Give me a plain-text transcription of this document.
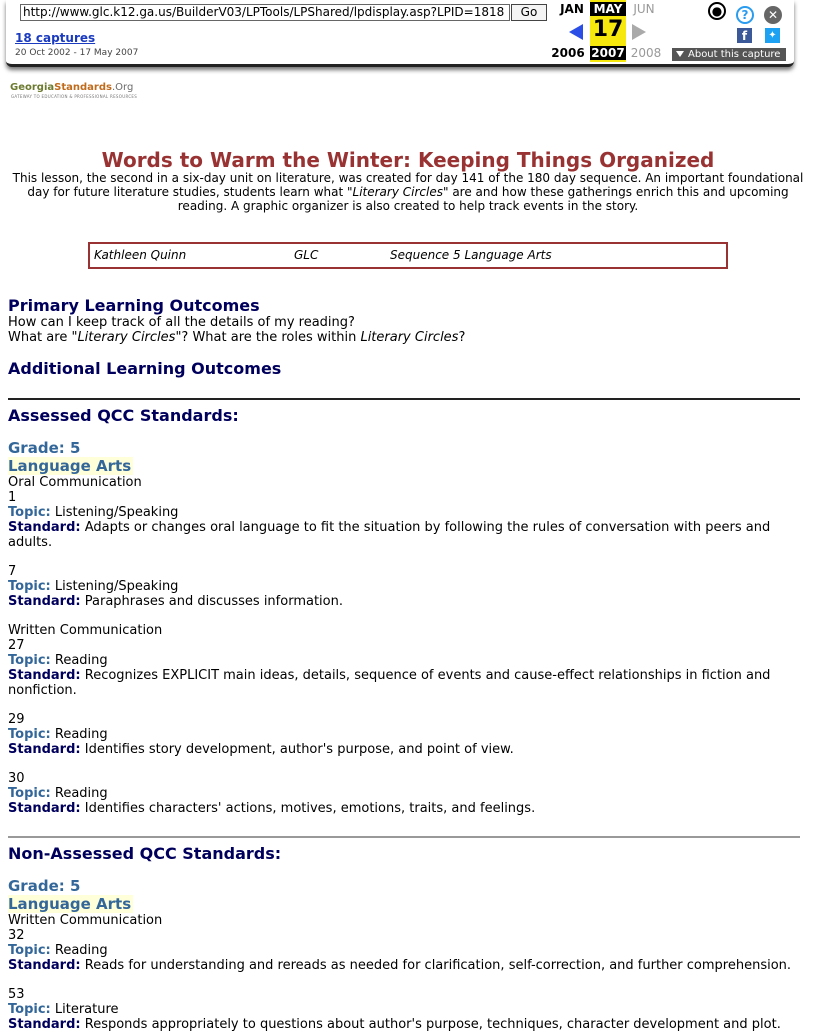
http://www.glc.k12.ga.us/BuilderV03/LPTools/LPShared/lpdisplay.asp?LPID=1818	Go
18 captures
20 Oct 2002 - 17 May 2007
JAN MAY JUN
17
2006 2007 2008
●	?	✕
f	✦
About this capture
GeorgiaStandards.Org
GATEWAY TO EDUCATION & PROFESSIONAL RESOURCES
Words to Warm the Winter: Keeping Things Organized
This lesson, the second in a six-day unit on literature, was created for day 141 of the 180 day sequence. An important foundational day for future literature studies, students learn what "Literary Circles" are and how these gatherings enrich this and upcoming reading. A graphic organizer is also created to help track events in the story.
Kathleen Quinn	GLC	Sequence 5 Language Arts
Primary Learning Outcomes
How can I keep track of all the details of my reading?
What are "Literary Circles"? What are the roles within Literary Circles?
Additional Learning Outcomes
Assessed QCC Standards:
Grade: 5
Language Arts
Oral Communication
1
Topic: Listening/Speaking
Standard: Adapts or changes oral language to fit the situation by following the rules of conversation with peers and adults.
7
Topic: Listening/Speaking
Standard: Paraphrases and discusses information.
Written Communication
27
Topic: Reading
Standard: Recognizes EXPLICIT main ideas, details, sequence of events and cause-effect relationships in fiction and nonfiction.
29
Topic: Reading
Standard: Identifies story development, author's purpose, and point of view.
30
Topic: Reading
Standard: Identifies characters' actions, motives, emotions, traits, and feelings.
Non-Assessed QCC Standards:
Grade: 5
Language Arts
Written Communication
32
Topic: Reading
Standard: Reads for understanding and rereads as needed for clarification, self-correction, and further comprehension.
53
Topic: Literature
Standard: Responds appropriately to questions about author's purpose, techniques, character development and plot.
